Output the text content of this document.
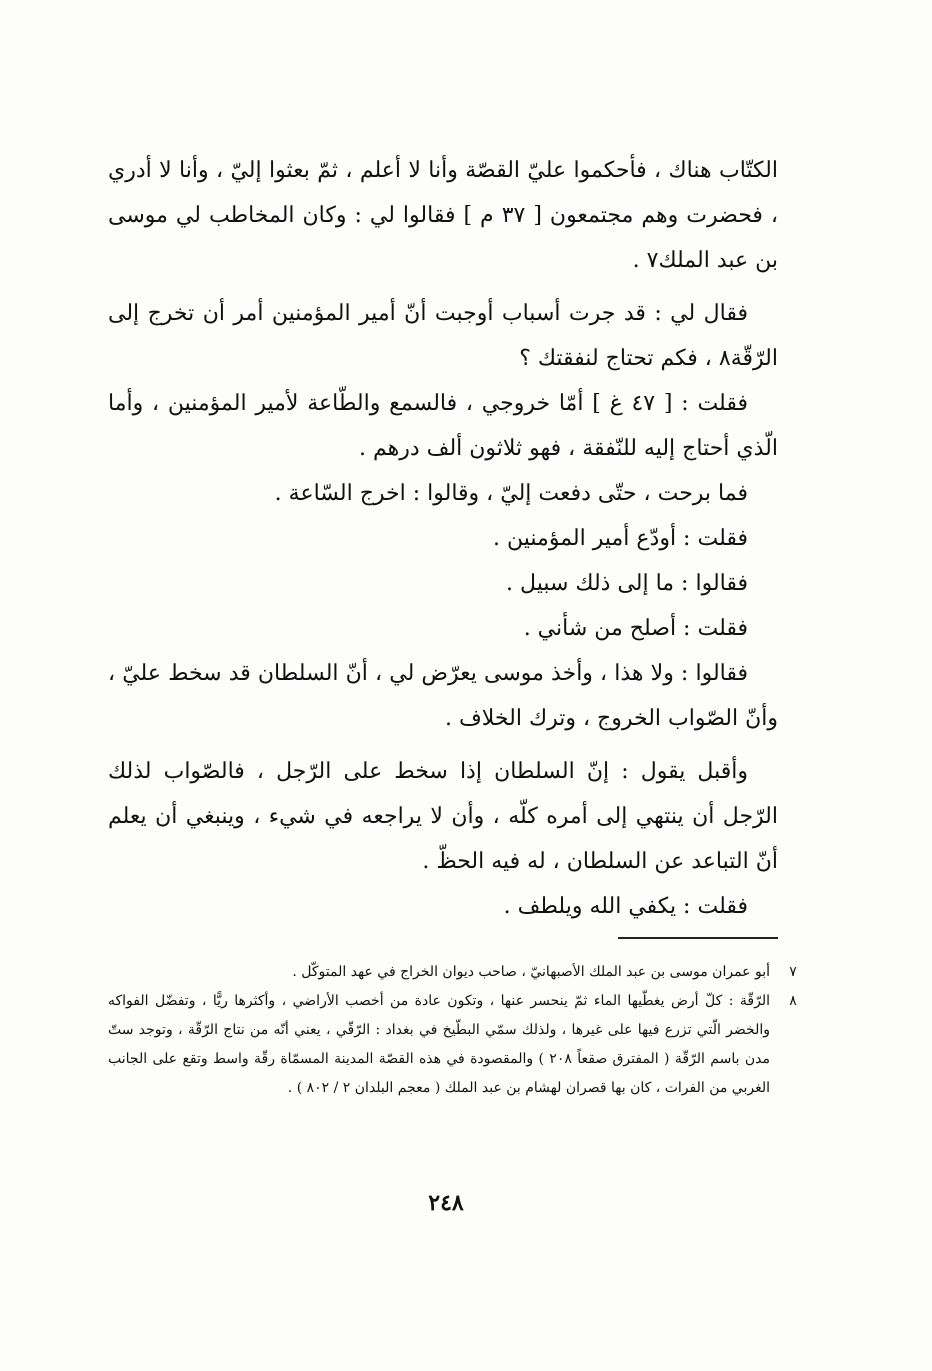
الكتّاب هناك ، فأحكموا عليّ القصّة وأنا لا أعلم ، ثمّ بعثوا إليّ ، وأنا لا أدري ، فحضرت وهم مجتمعون [ ٣٧ م ] فقالوا لي : وكان المخاطب لي موسى بن عبد الملك٧ .

فقال لي : قد جرت أسباب أوجبت أنّ أمير المؤمنين أمر أن تخرج إلى الرّقّة٨ ، فكم تحتاج لنفقتك ؟

فقلت : [ ٤٧ غ ] أمّا خروجي ، فالسمع والطّاعة لأمير المؤمنين ، وأما الّذي أحتاج إليه للنّفقة ، فهو ثلاثون ألف درهم .

فما برحت ، حتّى دفعت إليّ ، وقالوا : اخرج السّاعة .

فقلت : أودّع أمير المؤمنين .

فقالوا : ما إلى ذلك سبيل .

فقلت : أصلح من شأني .

فقالوا : ولا هذا ، وأخذ موسى يعرّض لي ، أنّ السلطان قد سخط عليّ ، وأنّ الصّواب الخروج ، وترك الخلاف .

وأقبل يقول : إنّ السلطان إذا سخط على الرّجل ، فالصّواب لذلك الرّجل أن ينتهي إلى أمره كلّه ، وأن لا يراجعه في شيء ، وينبغي أن يعلم أنّ التباعد عن السلطان ، له فيه الحظّ .

فقلت : يكفي الله ويلطف .

٧
أبو عمران موسى بن عبد الملك الأصبهانيّ ، صاحب ديوان الخراج في عهد المتوكّل .

٨
الرّقّة : كلّ أرض يغطّيها الماء ثمّ ينحسر عنها ، وتكون عادة من أخصب الأراضي ، وأكثرها ريًّا ، وتفضّل الفواكه والخضر الّتي تزرع فيها على غيرها ، ولذلك سمّي البطّيخ في بغداد : الرّقّي ، يعني أنّه من نتاج الرّقّة ، وتوجد ستّ مدن باسم الرّقّة ( المفترق صقعاً ٢٠٨ ) والمقصودة في هذه القصّة المدينة المسمّاة رقّة واسط وتقع على الجانب الغربي من الفرات ، كان بها قصران لهشام بن عبد الملك ( معجم البلدان ٢ / ٨٠٢ ) .

٢٤٨
